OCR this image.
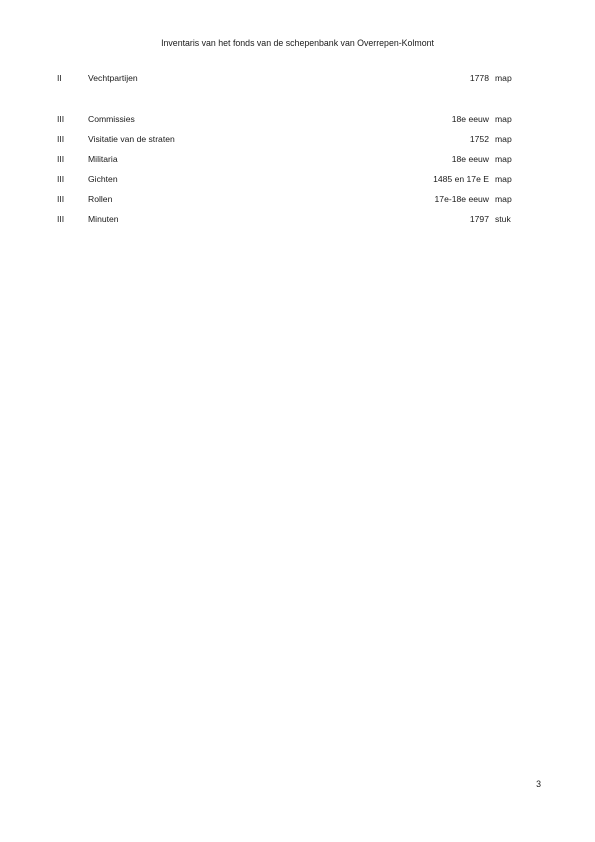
Inventaris van het fonds van de schepenbank van Overrepen-Kolmont
II	Vechtpartijen	1778 map
III	Commissies	18e eeuw map
III	Visitatie van de straten	1752 map
III	Militaria	18e eeuw map
III	Gichten	1485 en 17e E map
III	Rollen	17e-18e eeuw map
III	Minuten	1797 stuk
3
